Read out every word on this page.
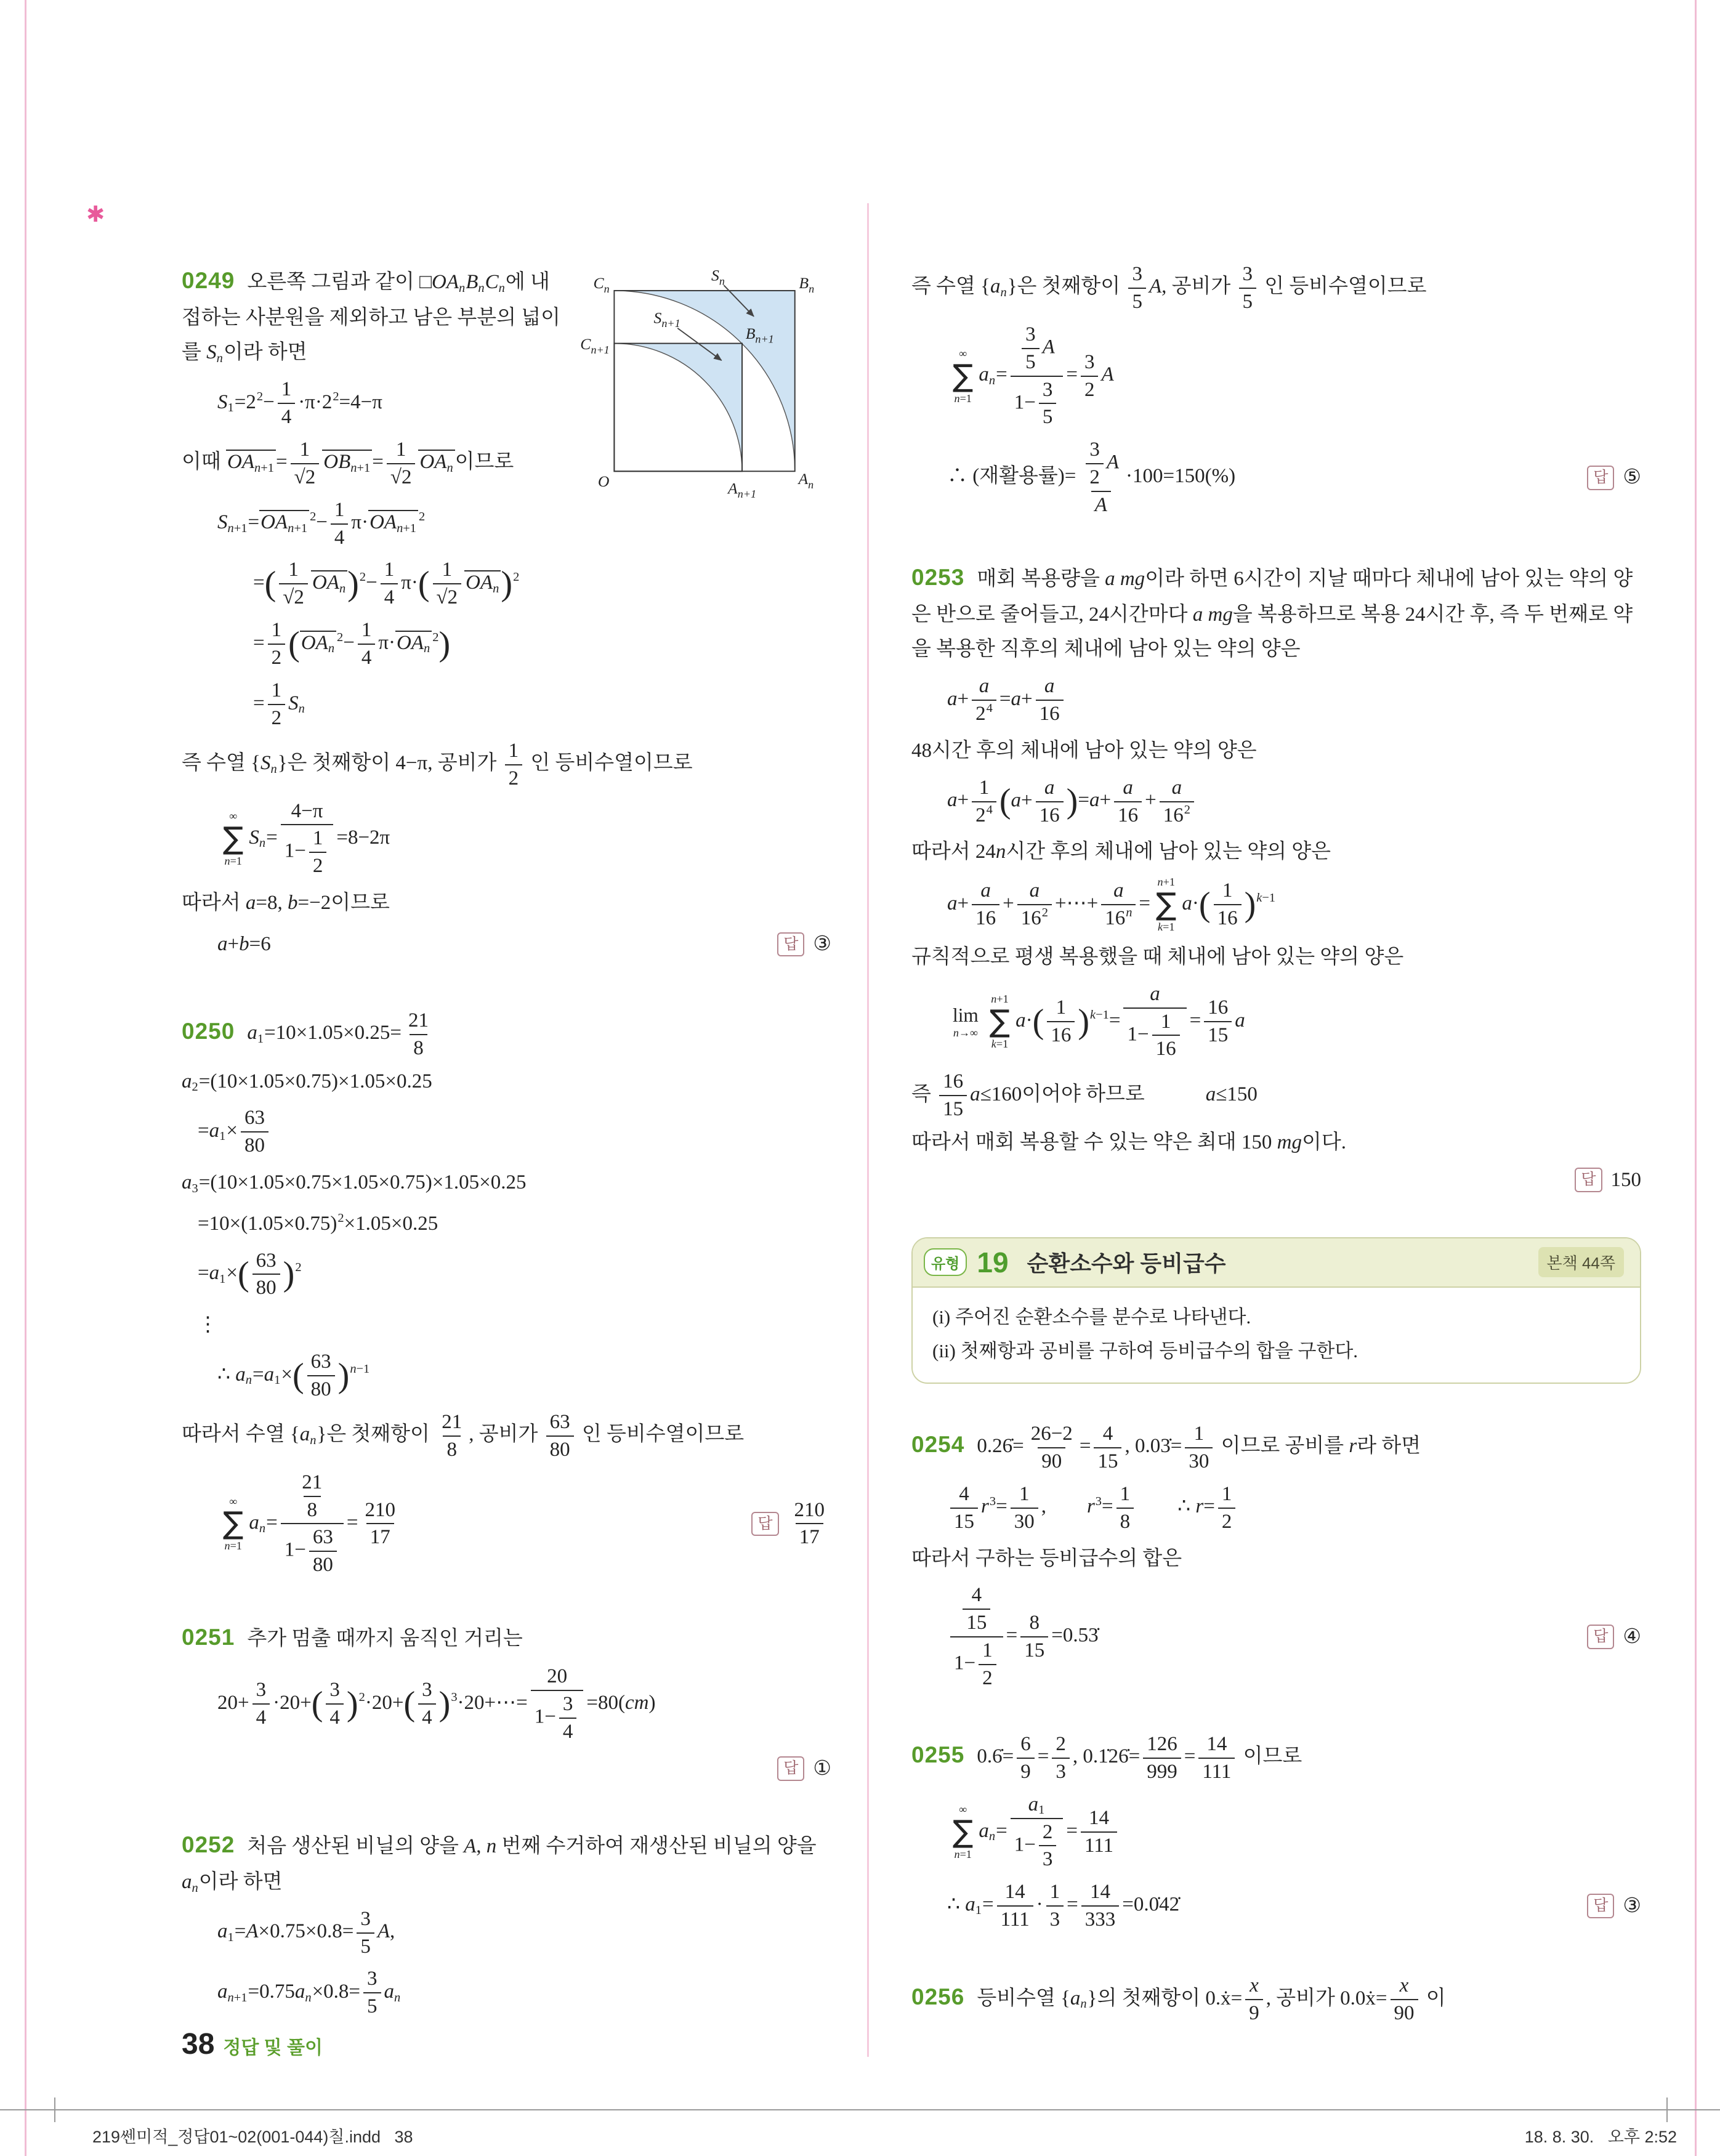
✱
$C_n$
$S_n$	$B_n$
$C_{n+1}$
$S_{n+1}$
$B_{n+1}$
O	$A_{n+1}$
$A_n$
0249 오른쪽 그림과 같이 □OAnBnCn에 내접하는 사분원을 제외하고 남은 부분의 넓이를 Sn이라 하면
$S1=2^2- \frac{1}{4} \cdot\pi\cdot 2^2=4-\pi$
이때 $OAn+1= \frac{1}{√2} OBn+1= \frac{1}{√2}$ OAn이므로
$Sn+1=OAn+1^2- \frac{1}{4} \pi\cdot OAn+1^2$
= ( $\frac{1}{√2}$ OAn ) $^2- \frac{1}{4} \pi\cdot$ ( $\frac{1}{√2}$ OAn ) $^2$
= $\frac{1}{2}$ ( $OAn^2- \frac{1}{4} \pi\cdot OAn^2$ )
= $\frac{1}{2}$ Sn
즉 수열 {Sn}은 첫째항이 4−π, 공비가 $\frac{1}{2}$ 인 등비수열이므로
∞
∑
n=1
$Sn= \frac{4-\pi}{1- \frac{1}{2}} =8-2\pi$
따라서 a=8, b=−2이므로
a+b=6	답 ③
0250 $a1=10\times 1.05\times 0.25= \frac{21}{8}$
a2=(10×1.05×0.75)×1.05×0.25
$=a1\times \frac{63}{80}$
a3=(10×1.05×0.75×1.05×0.75)×1.05×0.25
$=10\times(1.05\times 0.75)^2\times 1.05\times 0.25$
=a1× ( $\frac{63}{80}$ ) $^2$
⋮
∴ an=a1× ( $\frac{63}{80}$ ) $^{n-1}$
따라서 수열 {an}은 첫째항이 $\frac{21}{8}$ , 공비가 $\frac{63}{80}$ 인 등비수열이므로
∞
∑
n=1
$an= \frac{\frac{21}{8}}{1- \frac{63}{80}} = \frac{210}{17}$	답 $\frac{210}{17}$
0251 추가 멈출 때까지 움직인 거리는
$20+ \frac{3}{4} \cdot 20+$ ( $\frac{3}{4}$ ) $^2$·20+ ( $\frac{3}{4}$ ) $^3$·20+⋯= $\frac{20}{1- \frac{3}{4}} =80(cm)$
답 ①
0252 처음 생산된 비닐의 양을 A, n 번째 수거하여 재생산된 비닐의 양을 an이라 하면
$a1=A\times 0.75\times 0.8= \frac{3}{5} A$,
$an+1=0.75an\times 0.8= \frac{3}{5}$ an
즉 수열 {an}은 첫째항이 $\frac{3}{5} A$, 공비가 $\frac{3}{5}$ 인 등비수열이므로
∞
∑
n=1
$an= \frac{\frac{3}{5} A}{1- \frac{3}{5}} = \frac{3}{2}$ A
∴ (재활용률)= $\frac{\frac{3}{2} A}{A} \cdot 100=150(\%)$	답 ⑤
0253 매회 복용량을 a mg이라 하면 6시간이 지날 때마다 체내에 남아 있는 약의 양은 반으로 줄어들고, 24시간마다 a mg을 복용하므로 복용 24시간 후, 즉 두 번째로 약을 복용한 직후의 체내에 남아 있는 약의 양은
$a+ \frac{a}{2^4} =a+ \frac{a}{16}$
48시간 후의 체내에 남아 있는 약의 양은
$a+ \frac{1}{2^4}$ ( $a+ \frac{a}{16}$ ) $=a+ \frac{a}{16} + \frac{a}{16^2}$
따라서 24n시간 후의 체내에 남아 있는 약의 양은
$a+ \frac{a}{16} + \frac{a}{16^2}$ +⋯+ $\frac{a}{16^n}$ =
n+1
∑
k=1
a· ( $\frac{1}{16}$ ) $^{k-1}$
규칙적으로 평생 복용했을 때 체내에 남아 있는 약의 양은
lim
n→∞
n+1
∑
k=1
a· ( $\frac{1}{16}$ ) $^{k-1}= \frac{a}{1- \frac{1}{16}} = \frac{16}{15}$ a
즉 $\frac{16}{15} a\le 160$이어야 하므로   a≤150
따라서 매회 복용할 수 있는 약은 최대 150 mg이다.
답 150
유형 19 순환소수와 등비급수	본책 44쪽
(i) 주어진 순환소수를 분수로 나타낸다.
(ii) 첫째항과 공비를 구하여 등비급수의 합을 구한다.
0254 0.26̇= $\frac{26-2}{90} = \frac{4}{15}$ , 0.03̇= $\frac{1}{30}$ 이므로 공비를 r라 하면
$\frac{4}{15} r^3= \frac{1}{30}$ ,  $r^3= \frac{1}{8}$   ∴ $r= \frac{1}{2}$
따라서 구하는 등비급수의 합은
$\frac{\frac{4}{15}}{1- \frac{1}{2}} = \frac{8}{15}$ =0.53̇	답 ④
0255 0.6̇= $\frac{6}{9} = \frac{2}{3}$ , 0.1̇26̇= $\frac{126}{999} = \frac{14}{111}$ 이므로
∞
∑
n=1
$an= \frac{a1}{1- \frac{2}{3}} = \frac{14}{111}$
∴ $a1= \frac{14}{111} \cdot \frac{1}{3} = \frac{14}{333}$ =0.0̇42̇	답 ③
0256 등비수열 {an}의 첫째항이 0.ẋ= $\frac{x}{9}$ , 공비가 0.0ẋ= $\frac{x}{90}$ 이
38 정답 및 풀이
219쎈미적_정답01~02(001-044)칠.indd   38	18. 8. 30.   오후 2:52
